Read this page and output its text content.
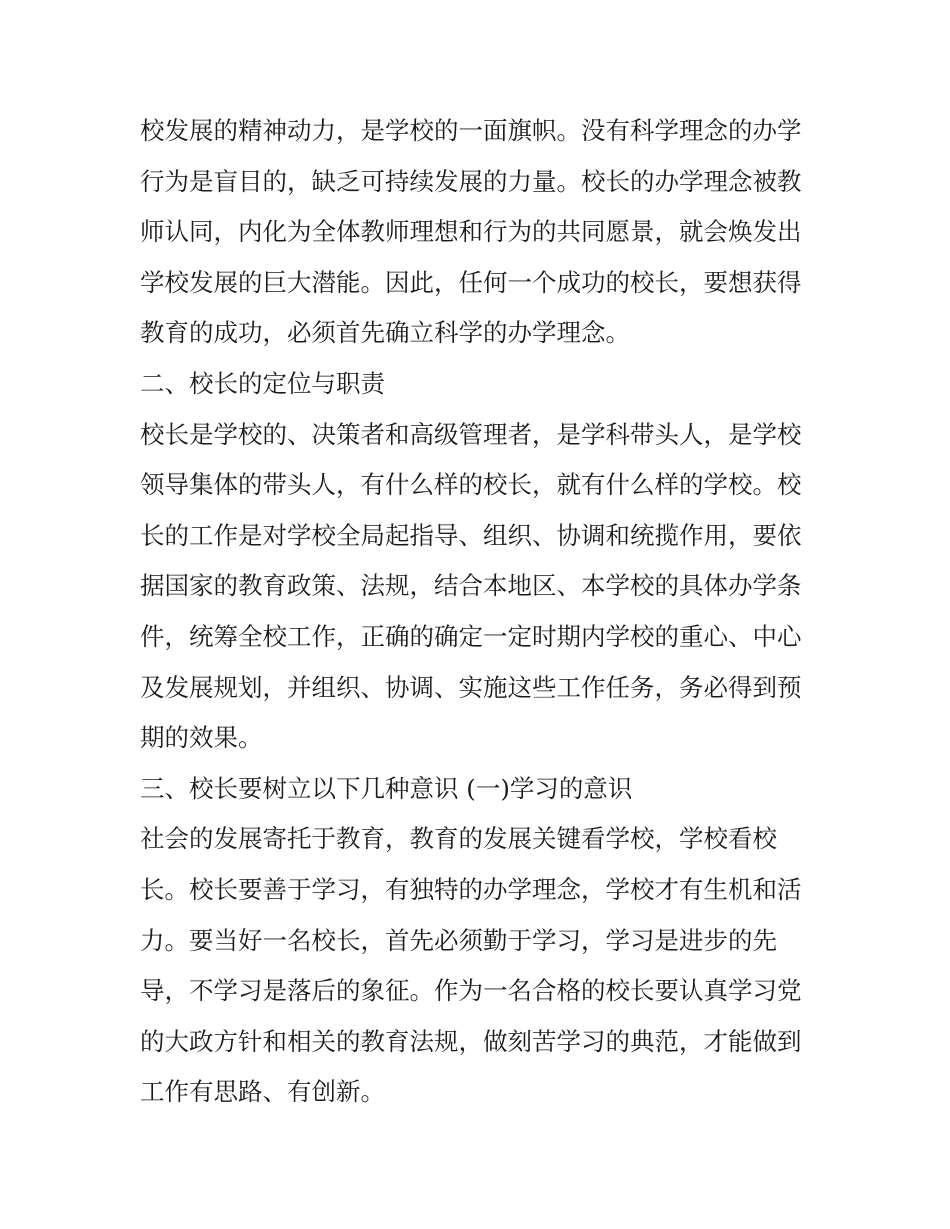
校发展的精神动力，是学校的一面旗帜。没有科学理念的办学
行为是盲目的，缺乏可持续发展的力量。校长的办学理念被教
师认同，内化为全体教师理想和行为的共同愿景，就会焕发出
学校发展的巨大潜能。因此，任何一个成功的校长，要想获得
教育的成功，必须首先确立科学的办学理念。
二、校长的定位与职责
校长是学校的、决策者和高级管理者，是学科带头人，是学校
领导集体的带头人，有什么样的校长，就有什么样的学校。校
长的工作是对学校全局起指导、组织、协调和统揽作用，要依
据国家的教育政策、法规，结合本地区、本学校的具体办学条
件，统筹全校工作，正确的确定一定时期内学校的重心、中心
及发展规划，并组织、协调、实施这些工作任务，务必得到预
期的效果。
三、校长要树立以下几种意识 (一)学习的意识
社会的发展寄托于教育，教育的发展关键看学校，学校看校
长。校长要善于学习，有独特的办学理念，学校才有生机和活
力。要当好一名校长，首先必须勤于学习，学习是进步的先
导，不学习是落后的象征。作为一名合格的校长要认真学习党
的大政方针和相关的教育法规，做刻苦学习的典范，才能做到
工作有思路、有创新。
